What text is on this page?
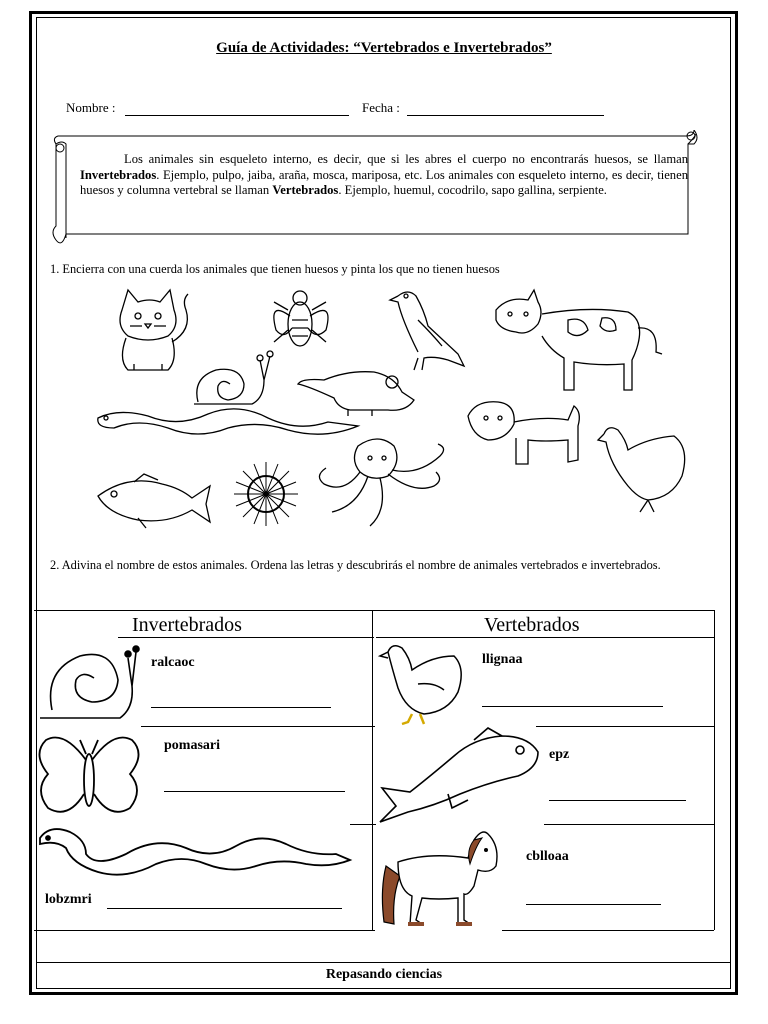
Guía de Actividades: “Vertebrados e Invertebrados”
Nombre :	Fecha :
Los animales sin esqueleto interno, es decir, que si les abres el cuerpo no encontrarás huesos, se llaman Invertebrados. Ejemplo, pulpo, jaiba, araña, mosca, mariposa, etc. Los animales con esqueleto interno, es decir, tienen huesos y columna vertebral se llaman Vertebrados. Ejemplo, huemul, cocodrilo, sapo gallina, serpiente.
1. Encierra con una cuerda los animales que tienen huesos y pinta los que no tienen huesos
2. Adivina el nombre de estos animales. Ordena las letras y descubrirás el nombre de animales vertebrados e invertebrados.
Invertebrados	Vertebrados
ralcaoc
pomasari
lobzmri
llignaa
epz
cblloaa
Repasando ciencias
